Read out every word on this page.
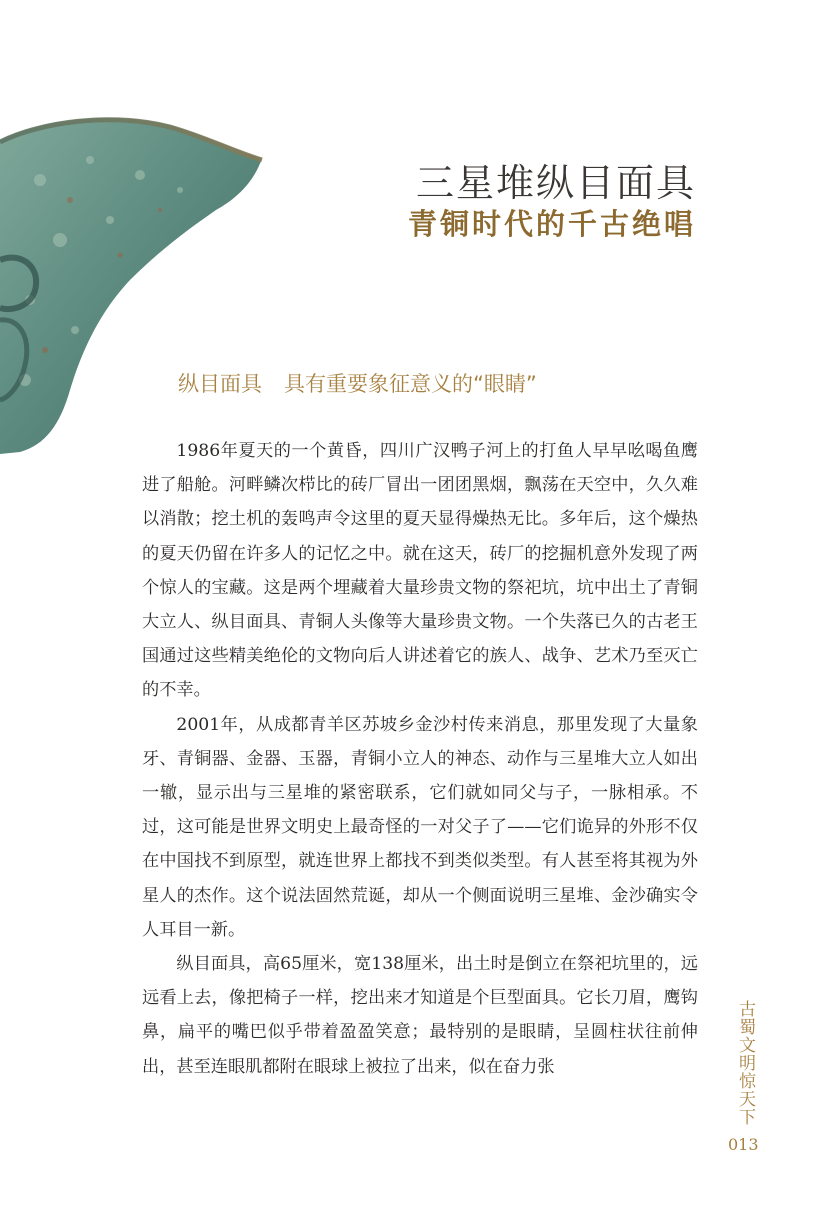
三星堆纵目面具
青铜时代的千古绝唱
纵目面具 具有重要象征意义的“眼睛”

1986年夏天的一个黄昏，四川广汉鸭子河上的打鱼人早早吆喝鱼鹰进了船舱。河畔鳞次栉比的砖厂冒出一团团黑烟，飘荡在天空中，久久难以消散；挖土机的轰鸣声令这里的夏天显得燥热无比。多年后，这个燥热的夏天仍留在许多人的记忆之中。就在这天，砖厂的挖掘机意外发现了两个惊人的宝藏。这是两个埋藏着大量珍贵文物的祭祀坑，坑中出土了青铜大立人、纵目面具、青铜人头像等大量珍贵文物。一个失落已久的古老王国通过这些精美绝伦的文物向后人讲述着它的族人、战争、艺术乃至灭亡的不幸。

2001年，从成都青羊区苏坡乡金沙村传来消息，那里发现了大量象牙、青铜器、金器、玉器，青铜小立人的神态、动作与三星堆大立人如出一辙，显示出与三星堆的紧密联系，它们就如同父与子，一脉相承。不过，这可能是世界文明史上最奇怪的一对父子了——它们诡异的外形不仅在中国找不到原型，就连世界上都找不到类似类型。有人甚至将其视为外星人的杰作。这个说法固然荒诞，却从一个侧面说明三星堆、金沙确实令人耳目一新。

纵目面具，高65厘米，宽138厘米，出土时是倒立在祭祀坑里的，远远看上去，像把椅子一样，挖出来才知道是个巨型面具。它长刀眉，鹰钩鼻，扁平的嘴巴似乎带着盈盈笑意；最特别的是眼睛，呈圆柱状往前伸出，甚至连眼肌都附在眼球上被拉了出来，似在奋力张	古蜀文明惊天下
013
